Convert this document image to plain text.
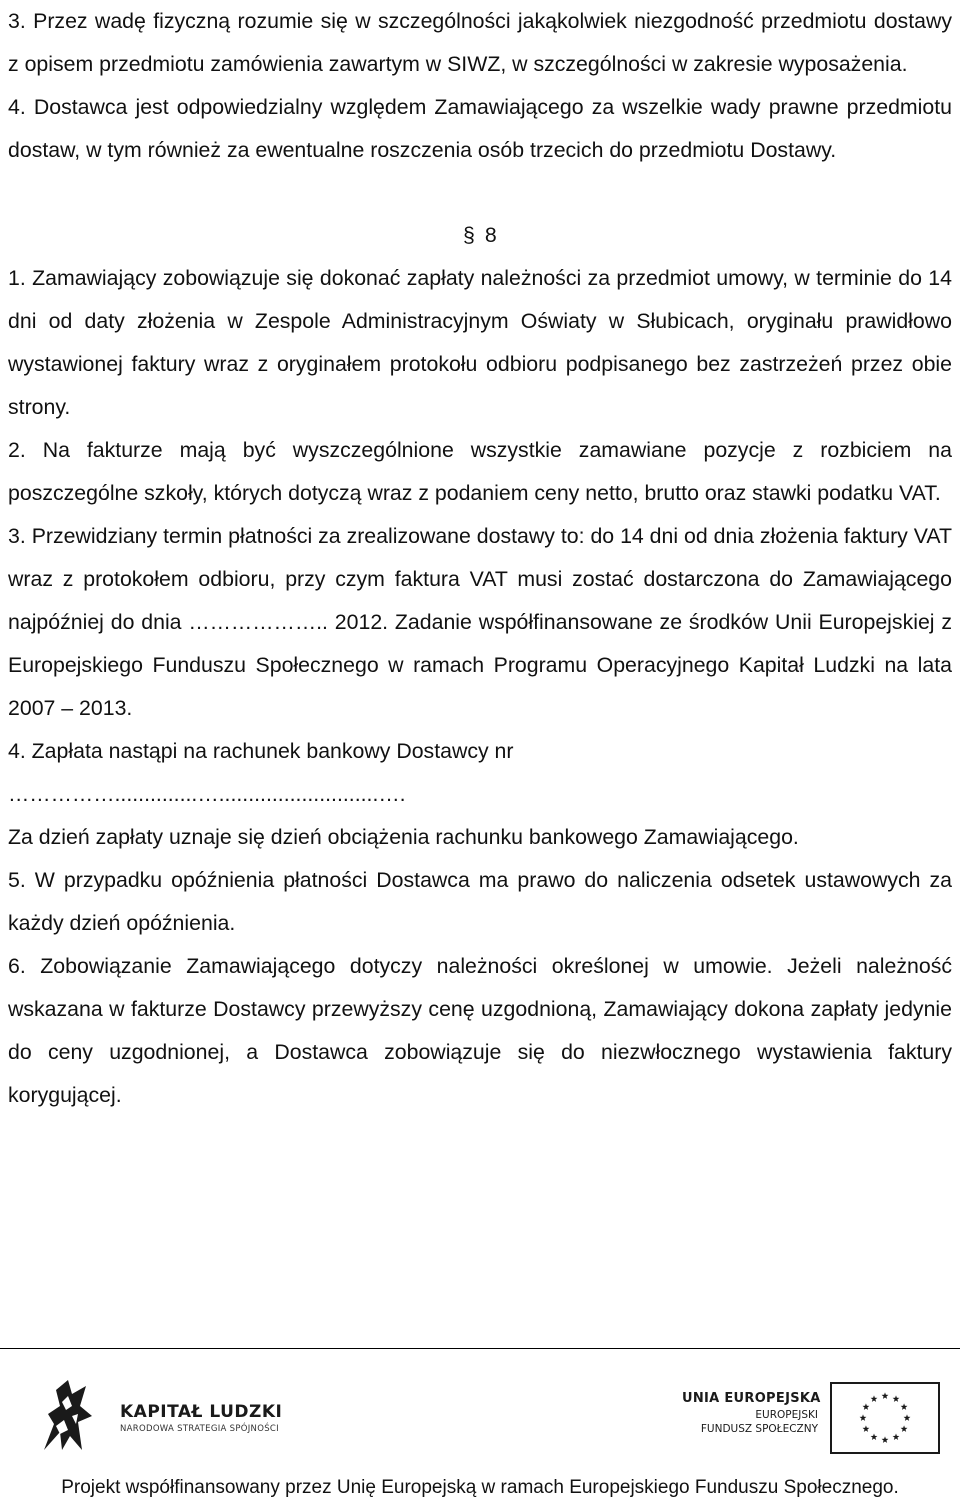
3. Przez wadę fizyczną rozumie się w szczególności jakąkolwiek niezgodność przedmiotu dostawy z opisem przedmiotu zamówienia zawartym w SIWZ, w szczególności w zakresie wyposażenia.

4. Dostawca jest odpowiedzialny względem Zamawiającego za wszelkie wady prawne przedmiotu dostaw, w tym również za ewentualne roszczenia osób trzecich do przedmiotu Dostawy.

§ 8

1. Zamawiający zobowiązuje się dokonać zapłaty należności za przedmiot umowy, w terminie do 14 dni od daty złożenia w Zespole Administracyjnym Oświaty w Słubicach, oryginału prawidłowo wystawionej faktury wraz z oryginałem protokołu odbioru podpisanego bez zastrzeżeń przez obie strony.

2. Na fakturze mają być wyszczególnione wszystkie zamawiane pozycje z rozbiciem na poszczególne szkoły, których dotyczą wraz z podaniem ceny netto, brutto oraz stawki podatku VAT.

3. Przewidziany termin płatności za zrealizowane dostawy to: do 14 dni od dnia złożenia faktury VAT wraz z protokołem odbioru, przy czym faktura VAT musi zostać dostarczona do Zamawiającego najpóźniej do dnia ……………….. 2012. Zadanie współfinansowane ze środków Unii Europejskiej z Europejskiego Funduszu Społecznego w ramach Programu Operacyjnego Kapitał Ludzki na lata 2007 – 2013.

4. Zapłata nastąpi na rachunek bankowy Dostawcy nr

……………..............…...........................….

Za dzień zapłaty uznaje się dzień obciążenia rachunku bankowego Zamawiającego.

5. W przypadku opóźnienia płatności Dostawca ma prawo do naliczenia odsetek ustawowych za każdy dzień opóźnienia.

6. Zobowiązanie Zamawiającego dotyczy należności określonej w umowie. Jeżeli należność wskazana w fakturze Dostawcy przewyższy cenę uzgodnioną, Zamawiający dokona zapłaty jedynie do ceny uzgodnionej, a Dostawca zobowiązuje się do niezwłocznego wystawienia faktury korygującej.

KAPITAŁ LUDZKI
NARODOWA STRATEGIA SPÓJNOŚCI
UNIA EUROPEJSKA
EUROPEJSKI
FUNDUSZ SPOŁECZNY
Projekt współfinansowany przez Unię Europejską w ramach Europejskiego Funduszu Społecznego.
